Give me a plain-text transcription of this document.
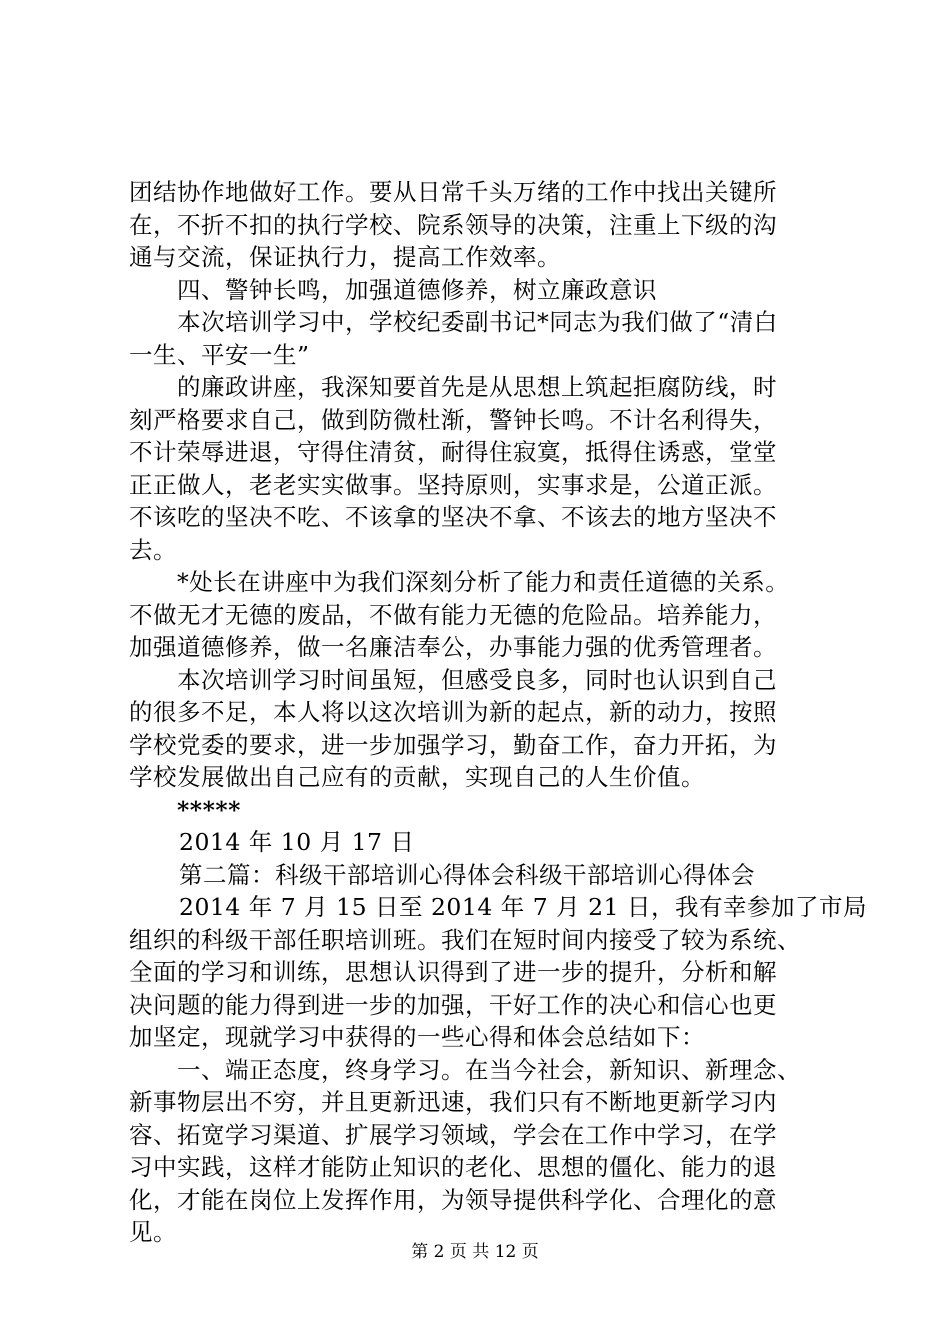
团结协作地做好工作。要从日常千头万绪的工作中找出关键所
在，不折不扣的执行学校、院系领导的决策，注重上下级的沟
通与交流，保证执行力，提高工作效率。
四、警钟长鸣，加强道德修养，树立廉政意识
本次培训学习中，学校纪委副书记*同志为我们做了“清白
一生、平安一生”
的廉政讲座，我深知要首先是从思想上筑起拒腐防线，时
刻严格要求自己，做到防微杜渐，警钟长鸣。不计名利得失，
不计荣辱进退，守得住清贫，耐得住寂寞，抵得住诱惑，堂堂
正正做人，老老实实做事。坚持原则，实事求是，公道正派。
不该吃的坚决不吃、不该拿的坚决不拿、不该去的地方坚决不
去。
*处长在讲座中为我们深刻分析了能力和责任道德的关系。
不做无才无德的废品，不做有能力无德的危险品。培养能力，
加强道德修养，做一名廉洁奉公，办事能力强的优秀管理者。
本次培训学习时间虽短，但感受良多，同时也认识到自己
的很多不足，本人将以这次培训为新的起点，新的动力，按照
学校党委的要求，进一步加强学习，勤奋工作，奋力开拓，为
学校发展做出自己应有的贡献，实现自己的人生价值。
*****
2014 年 10 月 17 日
第二篇：科级干部培训心得体会科级干部培训心得体会
2014 年 7 月 15 日至 2014 年 7 月 21 日，我有幸参加了市局
组织的科级干部任职培训班。我们在短时间内接受了较为系统、
全面的学习和训练，思想认识得到了进一步的提升，分析和解
决问题的能力得到进一步的加强，干好工作的决心和信心也更
加坚定，现就学习中获得的一些心得和体会总结如下：
一、端正态度，终身学习。在当今社会，新知识、新理念、
新事物层出不穷，并且更新迅速，我们只有不断地更新学习内
容、拓宽学习渠道、扩展学习领域，学会在工作中学习，在学
习中实践，这样才能防止知识的老化、思想的僵化、能力的退
化，才能在岗位上发挥作用，为领导提供科学化、合理化的意
见。
第 2 页 共 12 页
